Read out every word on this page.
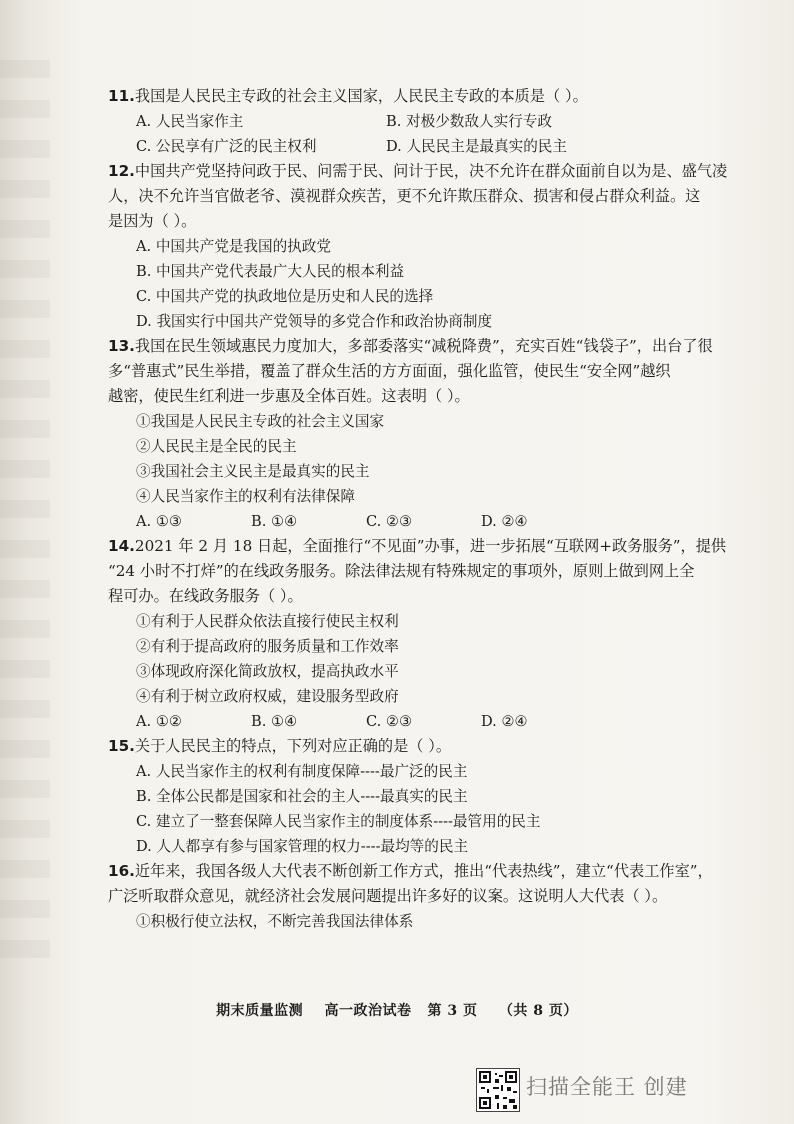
11.我国是人民民主专政的社会主义国家，人民民主专政的本质是（ ）。
A. 人民当家作主	B. 对极少数敌人实行专政
C. 公民享有广泛的民主权利	D. 人民民主是最真实的民主
12.中国共产党坚持问政于民、问需于民、问计于民，决不允许在群众面前自以为是、盛气凌
人，决不允许当官做老爷、漠视群众疾苦，更不允许欺压群众、损害和侵占群众利益。这
是因为（ ）。
A. 中国共产党是我国的执政党
B. 中国共产党代表最广大人民的根本利益
C. 中国共产党的执政地位是历史和人民的选择
D. 我国实行中国共产党领导的多党合作和政治协商制度
13.我国在民生领域惠民力度加大，多部委落实“减税降费”，充实百姓“钱袋子”，出台了很
多“普惠式”民生举措，覆盖了群众生活的方方面面，强化监管，使民生“安全网”越织
越密，使民生红利进一步惠及全体百姓。这表明（ ）。
①我国是人民民主专政的社会主义国家
②人民民主是全民的民主
③我国社会主义民主是最真实的民主
④人民当家作主的权利有法律保障
A. ①③	B. ①④	C. ②③	D. ②④
14.2021 年 2 月 18 日起，全面推行“不见面”办事，进一步拓展“互联网+政务服务”，提供
“24 小时不打烊”的在线政务服务。除法律法规有特殊规定的事项外，原则上做到网上全
程可办。在线政务服务（ ）。
①有利于人民群众依法直接行使民主权利
②有利于提高政府的服务质量和工作效率
③体现政府深化简政放权，提高执政水平
④有利于树立政府权威，建设服务型政府
A. ①②	B. ①④	C. ②③	D. ②④
15.关于人民民主的特点，下列对应正确的是（ ）。
A. 人民当家作主的权利有制度保障----最广泛的民主
B. 全体公民都是国家和社会的主人----最真实的民主
C. 建立了一整套保障人民当家作主的制度体系----最管用的民主
D. 人人都享有参与国家管理的权力----最均等的民主
16.近年来，我国各级人大代表不断创新工作方式，推出“代表热线”，建立“代表工作室”，
广泛听取群众意见，就经济社会发展问题提出许多好的议案。这说明人大代表（ ）。
①积极行使立法权，不断完善我国法律体系
期末质量监测 高一政治试卷 第 3 页 （共 8 页）
扫描全能王 创建
